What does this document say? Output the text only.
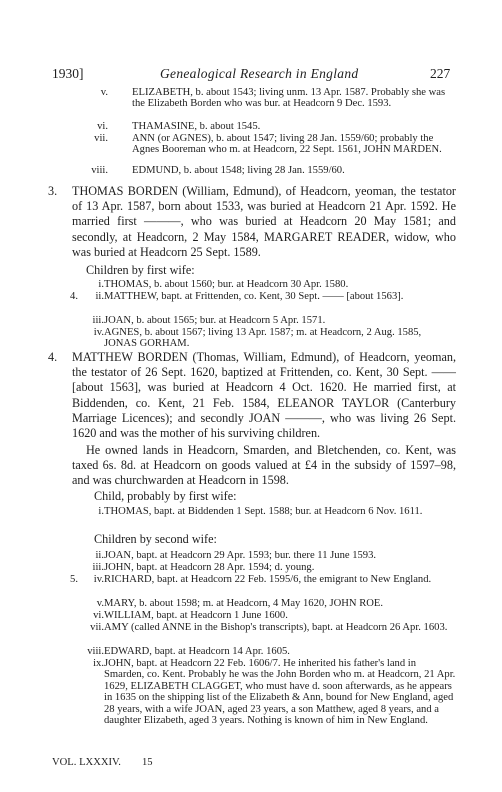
1930]	Genealogical Research in England	227
v. ELIZABETH, b. about 1543; living unm. 13 Apr. 1587. Probably she was the Elizabeth Borden who was bur. at Headcorn 9 Dec. 1593.
vi. THAMASINE, b. about 1545.
vii. ANN (or AGNES), b. about 1547; living 28 Jan. 1559/60; probably the Agnes Booreman who m. at Headcorn, 22 Sept. 1561, JOHN MARDEN.
viii. EDMUND, b. about 1548; living 28 Jan. 1559/60.
3. THOMAS BORDEN (William, Edmund), of Headcorn, yeoman, the testator of 13 Apr. 1587, born about 1533, was buried at Headcorn 21 Apr. 1592. He married first ———, who was buried at Headcorn 20 May 1581; and secondly, at Headcorn, 2 May 1584, MARGARET READER, widow, who was buried at Headcorn 25 Sept. 1589.
Children by first wife:
i. THOMAS, b. about 1560; bur. at Headcorn 30 Apr. 1580.
4.	ii. MATTHEW, bapt. at Frittenden, co. Kent, 30 Sept. —— [about 1563].
iii. JOAN, b. about 1565; bur. at Headcorn 5 Apr. 1571.
iv. AGNES, b. about 1567; living 13 Apr. 1587; m. at Headcorn, 2 Aug. 1585, JONAS GORHAM.
4. MATTHEW BORDEN (Thomas, William, Edmund), of Headcorn, yeoman, the testator of 26 Sept. 1620, baptized at Frittenden, co. Kent, 30 Sept. —— [about 1563], was buried at Headcorn 4 Oct. 1620. He married first, at Biddenden, co. Kent, 21 Feb. 1584, ELEANOR TAYLOR (Canterbury Marriage Licences); and secondly JOAN ———, who was living 26 Sept. 1620 and was the mother of his surviving children.
He owned lands in Headcorn, Smarden, and Bletchenden, co. Kent, was taxed 6s. 8d. at Headcorn on goods valued at £4 in the subsidy of 1597–98, and was churchwarden at Headcorn in 1598.
Child, probably by first wife:
i. THOMAS, bapt. at Biddenden 1 Sept. 1588; bur. at Headcorn 6 Nov. 1611.
Children by second wife:
ii. JOAN, bapt. at Headcorn 29 Apr. 1593; bur. there 11 June 1593.
iii. JOHN, bapt. at Headcorn 28 Apr. 1594; d. young.
5.	iv. RICHARD, bapt. at Headcorn 22 Feb. 1595/6, the emigrant to New England.
v. MARY, b. about 1598; m. at Headcorn, 4 May 1620, JOHN ROE.
vi. WILLIAM, bapt. at Headcorn 1 June 1600.
vii. AMY (called ANNE in the Bishop's transcripts), bapt. at Headcorn 26 Apr. 1603.
viii. EDWARD, bapt. at Headcorn 14 Apr. 1605.
ix. JOHN, bapt. at Headcorn 22 Feb. 1606/7. He inherited his father's land in Smarden, co. Kent. Probably he was the John Borden who m. at Headcorn, 21 Apr. 1629, ELIZABETH CLAGGET, who must have d. soon afterwards, as he appears in 1635 on the shipping list of the Elizabeth & Ann, bound for New England, aged 28 years, with a wife JOAN, aged 23 years, a son Matthew, aged 8 years, and a daughter Elizabeth, aged 3 years. Nothing is known of him in New England.
VOL. LXXXIV. 15
